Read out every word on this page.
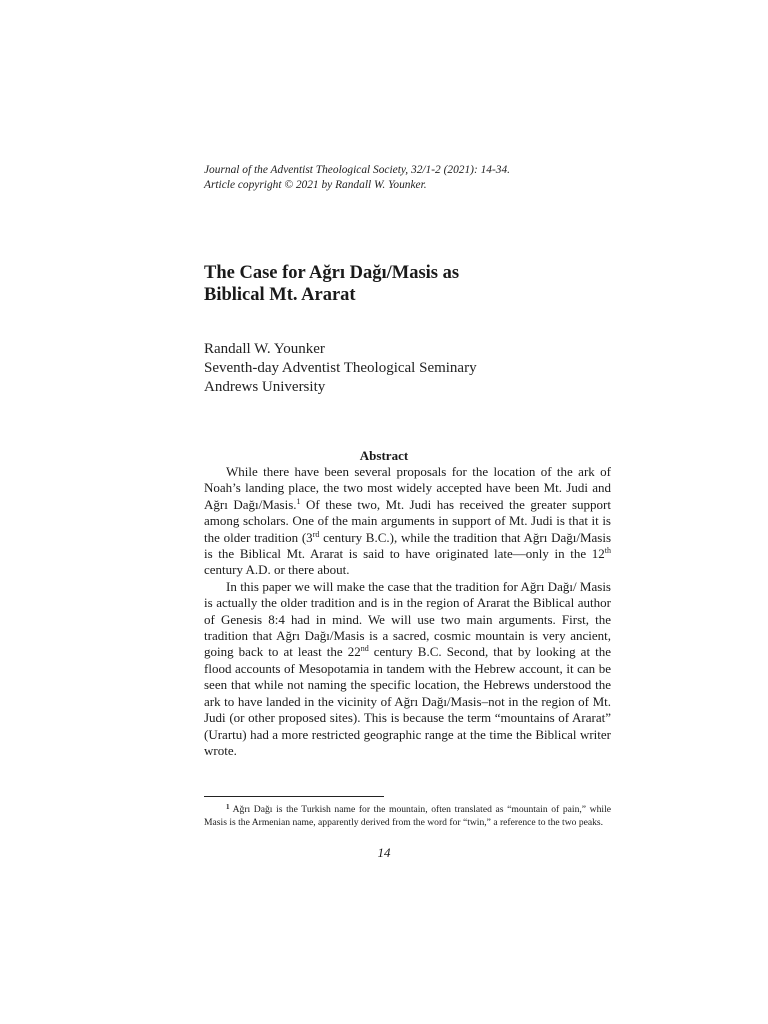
Journal of the Adventist Theological Society, 32/1-2 (2021): 14-34.
Article copyright © 2021 by Randall W. Younker.
The Case for Ağrı Dağı/Masis as
Biblical Mt. Ararat
Randall W. Younker
Seventh-day Adventist Theological Seminary
Andrews University
Abstract

While there have been several proposals for the location of the ark of Noah’s landing place, the two most widely accepted have been Mt. Judi and Ağrı Dağı/Masis.$^1$ Of these two, Mt. Judi has received the greater support among scholars. One of the main arguments in support of Mt. Judi is that it is the older tradition (3rd century B.C.), while the tradition that Ağrı Dağı/Masis is the Biblical Mt. Ararat is said to have originated late—only in the 12th century A.D. or there about.

In this paper we will make the case that the tradition for Ağrı Dağı/ Masis is actually the older tradition and is in the region of Ararat the Biblical author of Genesis 8:4 had in mind. We will use two main arguments. First, the tradition that Ağrı Dağı/Masis is a sacred, cosmic mountain is very ancient, going back to at least the 22nd century B.C. Second, that by looking at the flood accounts of Mesopotamia in tandem with the Hebrew account, it can be seen that while not naming the specific location, the Hebrews understood the ark to have landed in the vicinity of Ağrı Dağı/Masis–not in the region of Mt. Judi (or other proposed sites). This is because the term “mountains of Ararat” (Urartu) had a more restricted geographic range at the time the Biblical writer wrote.

$^1$ Ağrı Dağı is the Turkish name for the mountain, often translated as “mountain of pain,” while Masis is the Armenian name, apparently derived from the word for “twin,” a reference to the two peaks.

14
